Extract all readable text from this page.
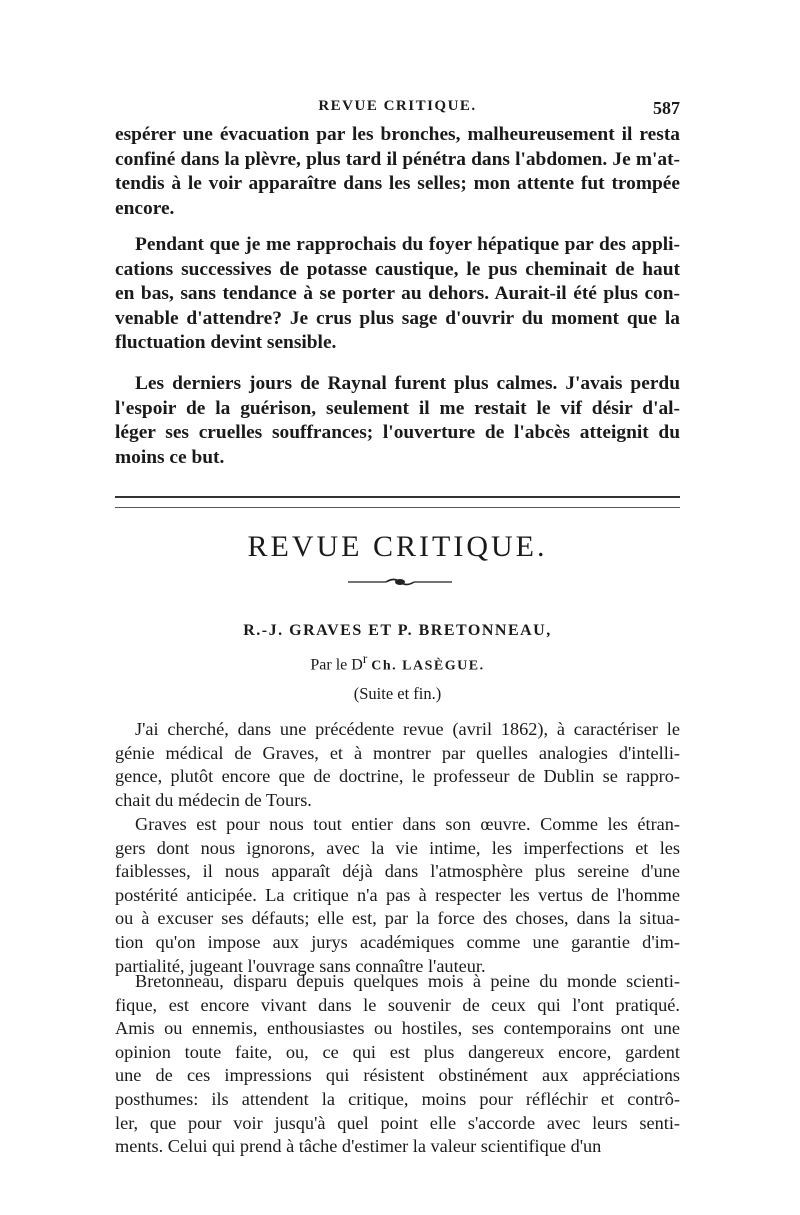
REVUE CRITIQUE.	587
espérer une évacuation par les bronches, malheureusement il resta
confiné dans la plèvre, plus tard il pénétra dans l'abdomen. Je m'at-
tendis à le voir apparaître dans les selles; mon attente fut trompée
encore.
Pendant que je me rapprochais du foyer hépatique par des appli-
cations successives de potasse caustique, le pus cheminait de haut
en bas, sans tendance à se porter au dehors. Aurait-il été plus con-
venable d'attendre? Je crus plus sage d'ouvrir du moment que la
fluctuation devint sensible.
Les derniers jours de Raynal furent plus calmes. J'avais perdu
l'espoir de la guérison, seulement il me restait le vif désir d'al-
léger ses cruelles souffrances; l'ouverture de l'abcès atteignit du
moins ce but.
REVUE CRITIQUE.
R.-J. GRAVES ET P. BRETONNEAU,
Par le $D^r$ Ch. LASÈGUE.
(Suite et fin.)
J'ai cherché, dans une précédente revue (avril 1862), à caractériser le
génie médical de Graves, et à montrer par quelles analogies d'intelli-
gence, plutôt encore que de doctrine, le professeur de Dublin se rappro-
chait du médecin de Tours.
Graves est pour nous tout entier dans son œuvre. Comme les étran-
gers dont nous ignorons, avec la vie intime, les imperfections et les
faiblesses, il nous apparaît déjà dans l'atmosphère plus sereine d'une
postérité anticipée. La critique n'a pas à respecter les vertus de l'homme
ou à excuser ses défauts; elle est, par la force des choses, dans la situa-
tion qu'on impose aux jurys académiques comme une garantie d'im-
partialité, jugeant l'ouvrage sans connaître l'auteur.
Bretonneau, disparu depuis quelques mois à peine du monde scienti-
fique, est encore vivant dans le souvenir de ceux qui l'ont pratiqué.
Amis ou ennemis, enthousiastes ou hostiles, ses contemporains ont une
opinion toute faite, ou, ce qui est plus dangereux encore, gardent
une de ces impressions qui résistent obstinément aux appréciations
posthumes: ils attendent la critique, moins pour réfléchir et contrô-
ler, que pour voir jusqu'à quel point elle s'accorde avec leurs senti-
ments. Celui qui prend à tâche d'estimer la valeur scientifique d'un
